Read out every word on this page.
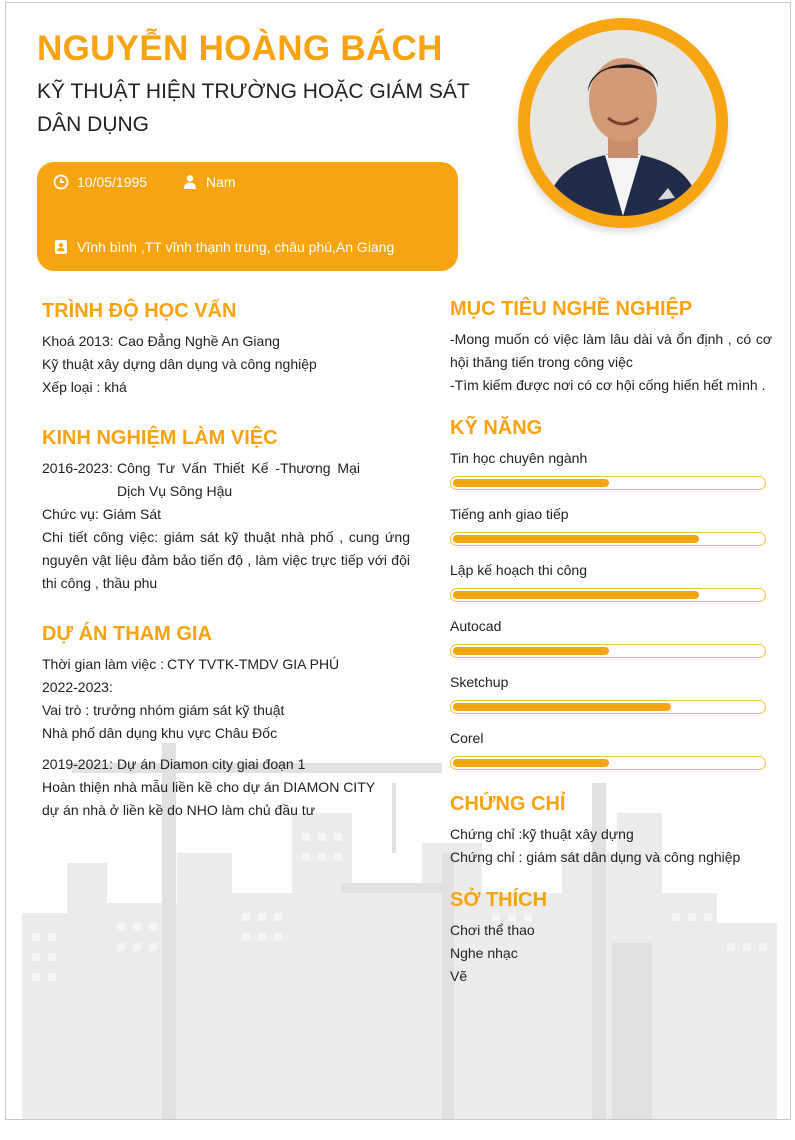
NGUYỄN HOÀNG BÁCH
KỸ THUẬT HIỆN TRƯỜNG HOẶC GIÁM SÁT DÂN DỤNG
10/05/1995	Nam
Vĩnh bình ,TT vĩnh thạnh trung, châu phú,An Giang
TRÌNH ĐỘ HỌC VẤN
Khoá 2013: Cao Đẳng Nghề An Giang
Kỹ thuật xây dựng dân dụng và công nghiệp
Xếp loại : khá
KINH NGHIỆM LÀM VIỆC
2016-2023: Công Tư Vấn Thiết Kế -Thương Mại
Dịch Vụ Sông Hậu
Chức vụ: Giám Sát
Chi tiết công việc: giám sát kỹ thuật nhà phố , cung ứng nguyên vật liệu đảm bảo tiến độ , làm việc trực tiếp với đội thi công , thầu phu
DỰ ÁN THAM GIA
Thời gian làm việc : CTY TVTK-TMDV GIA PHÚ
2022-2023:
Vai trò : trưởng nhóm giám sát kỹ thuật
Nhà phố dân dụng khu vực Châu Đốc
2019-2021: Dự án Diamon city giai đoạn 1
Hoàn thiện nhà mẫu liền kề cho dự án DIAMON CITY
dự án nhà ở liền kề do NHO làm chủ đầu tư
MỤC TIÊU NGHỀ NGHIỆP
-Mong muốn có việc làm lâu dài và ổn định , có cơ hội thăng tiến trong công việc
-Tìm kiếm được nơi có cơ hội cống hiến hết mình .
KỸ NĂNG
Tin học chuyên ngành
Tiếng anh giao tiếp
Lập kế hoạch thi công
Autocad
Sketchup
Corel
CHỨNG CHỈ
Chứng chỉ :kỹ thuật xây dựng
Chứng chỉ : giám sát dân dụng và công nghiệp
SỞ THÍCH
Chơi thể thao
Nghe nhạc
Vẽ
